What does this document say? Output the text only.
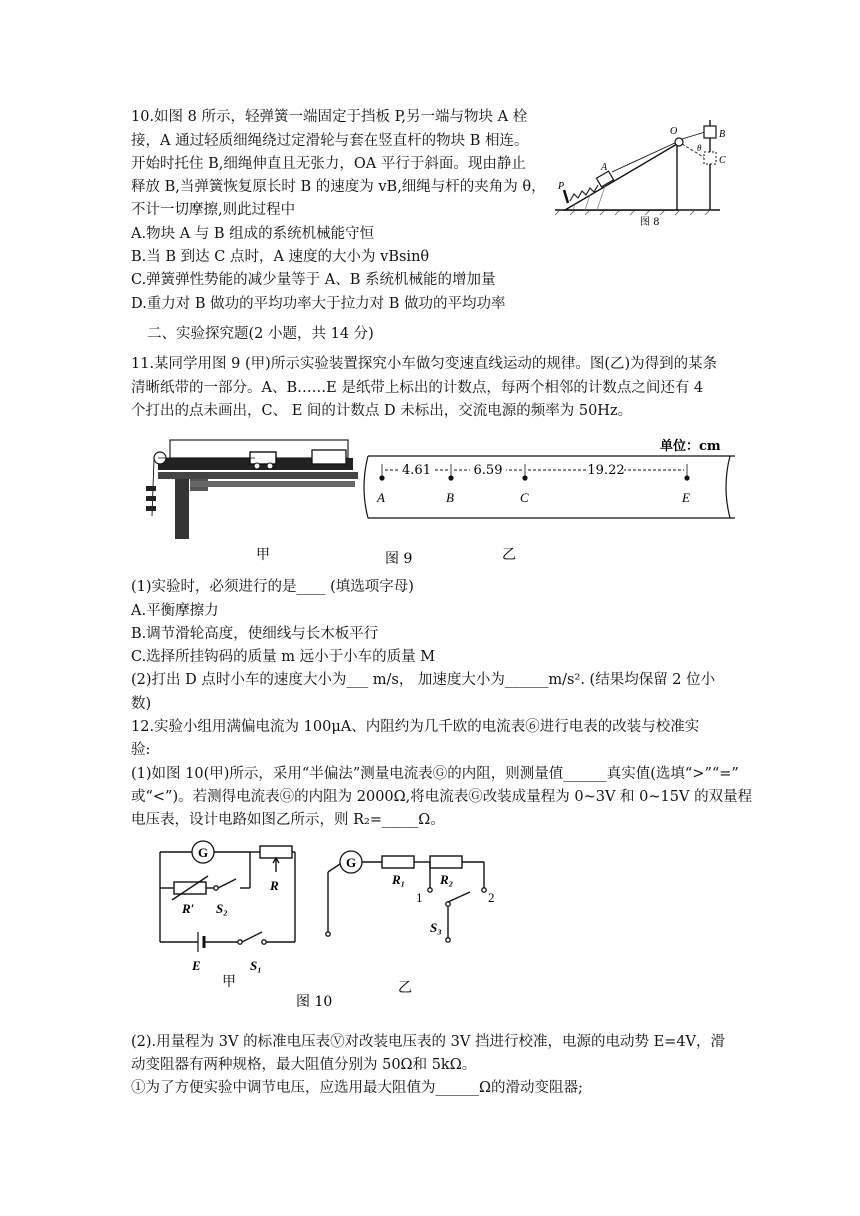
10.如图 8 所示，轻弹簧一端固定于挡板 P,另一端与物块 A 栓
接，A 通过轻质细绳绕过定滑轮与套在竖直杆的物块 B 相连。
开始时托住 B,细绳伸直且无张力，OA 平行于斜面。现由静止
释放 B,当弹簧恢复原长时 B 的速度为 vB,细绳与杆的夹角为 θ，
不计一切摩擦,则此过程中
A.物块 A 与 B 组成的系统机械能守恒
B.当 B 到达 C 点时，A 速度的大小为 vBsinθ
C.弹簧弹性势能的减少量等于 A、B 系统机械能的增加量
D.重力对 B 做功的平均功率大于拉力对 B 做功的平均功率
P
A
O	B
C
θ
图 8
二、实验探究题(2 小题，共 14 分)
11.某同学用图 9 (甲)所示实验装置探究小车做匀变速直线运动的规律。图(乙)为得到的某条
清晰纸带的一部分。A、B……E 是纸带上标出的计数点，每两个相邻的计数点之间还有 4
个打出的点未画出，C、 E 间的计数点 D 未标出，交流电源的频率为 50Hz。
甲	图 9	乙
单位：cm
A	B	C	E
4.61	6.59	19.22
(1)实验时，必须进行的是____ (填选项字母)
A.平衡摩擦力
B.调节滑轮高度，使细线与长木板平行
C.选择所挂钩码的质量 m 远小于小车的质量 M
(2)打出 D 点时小车的速度大小为___ m/s， 加速度大小为______m/s². (结果均保留 2 位小
数)
12.实验小组用满偏电流为 100μA、内阻约为几千欧的电流表⑥进行电表的改装与校准实
验:
(1)如图 10(甲)所示，采用“半偏法”测量电流表Ⓖ的内阻，则测量值______真实值(选填“>”“=”
或“<”)。若测得电流表Ⓖ的内阻为 2000Ω,将电流表Ⓖ改装成量程为 0~3V 和 0~15V 的双量程
电压表，设计电路如图乙所示，则 R₂=_____Ω。
G
R
R′ S₂
E	S₁
甲
图 10
G
R₁	R₂
1	2
S₃
乙
(2).用量程为 3V 的标准电压表Ⓥ对改装电压表的 3V 挡进行校准，电源的电动势 E=4V，滑
动变阻器有两种规格，最大阻值分别为 50Ω和 5kΩ。
①为了方便实验中调节电压，应选用最大阻值为______Ω的滑动变阻器;
